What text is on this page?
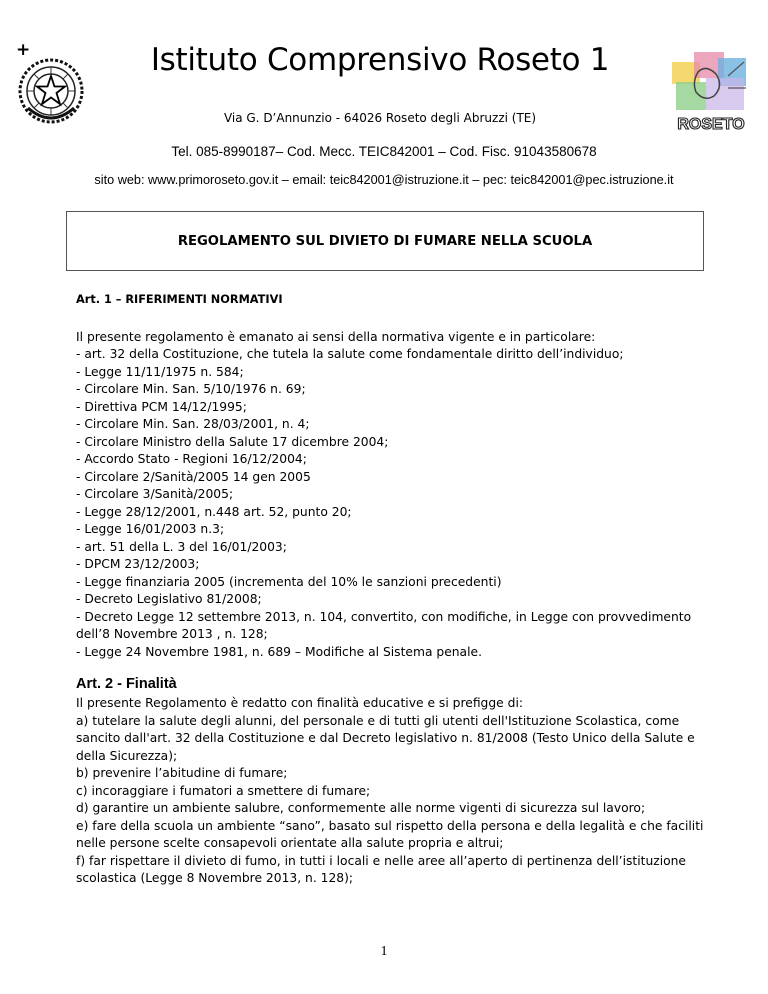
+	Istituto Comprensivo Roseto 1
Via G. D’Annunzio - 64026 Roseto degli Abruzzi (TE)	ROSETO
Tel. 085-8990187– Cod. Mecc. TEIC842001 – Cod. Fisc. 91043580678
sito web: www.primoroseto.gov.it – email: teic842001@istruzione.it – pec: teic842001@pec.istruzione.it
REGOLAMENTO SUL DIVIETO DI FUMARE NELLA SCUOLA

Art. 1 – RIFERIMENTI NORMATIVI

Il presente regolamento è emanato ai sensi della normativa vigente e in particolare:

- art. 32 della Costituzione, che tutela la salute come fondamentale diritto dell’individuo;
- Legge 11/11/1975 n. 584;
- Circolare Min. San. 5/10/1976 n. 69;
- Direttiva PCM 14/12/1995;
- Circolare Min. San. 28/03/2001, n. 4;
- Circolare Ministro della Salute 17 dicembre 2004;
- Accordo Stato - Regioni 16/12/2004;
- Circolare 2/Sanità/2005 14 gen 2005
- Circolare 3/Sanità/2005;
- Legge 28/12/2001, n.448 art. 52, punto 20;
- Legge 16/01/2003 n.3;
- art. 51 della L. 3 del 16/01/2003;
- DPCM 23/12/2003;
- Legge finanziaria 2005 (incrementa del 10% le sanzioni precedenti)
- Decreto Legislativo 81/2008;
- Decreto Legge 12 settembre 2013, n. 104, convertito, con modifiche, in Legge con provvedimento dell’8 Novembre 2013 , n. 128;
- Legge 24 Novembre 1981, n. 689 – Modifiche al Sistema penale.

Art. 2 - Finalità

Il presente Regolamento è redatto con finalità educative e si prefigge di:

a) tutelare la salute degli alunni, del personale e di tutti gli utenti dell'Istituzione Scolastica, come sancito dall'art. 32 della Costituzione e dal Decreto legislativo n. 81/2008 (Testo Unico della Salute e della Sicurezza);
b) prevenire l’abitudine di fumare;
c) incoraggiare i fumatori a smettere di fumare;
d) garantire un ambiente salubre, conformemente alle norme vigenti di sicurezza sul lavoro;
e) fare della scuola un ambiente “sano”, basato sul rispetto della persona e della legalità e che faciliti nelle persone scelte consapevoli orientate alla salute propria e altrui;
f) far rispettare il divieto di fumo, in tutti i locali e nelle aree all’aperto di pertinenza dell’istituzione scolastica (Legge 8 Novembre 2013, n. 128);
1
